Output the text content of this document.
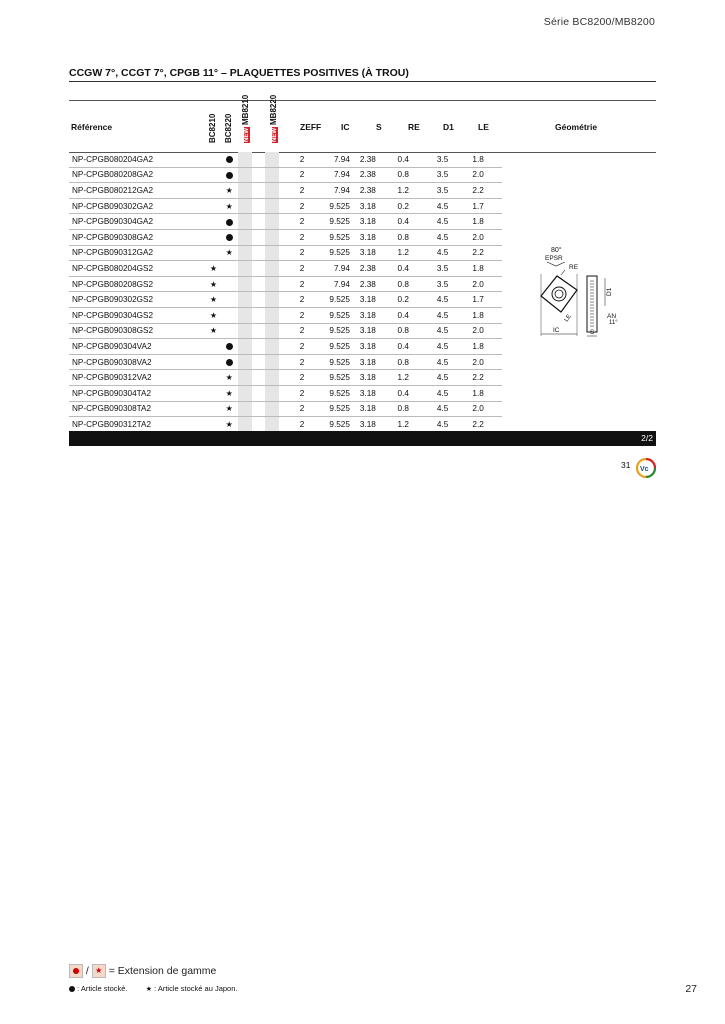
Série BC8200/MB8200
CCGW 7°, CCGT 7°, CPGB 11° – PLAQUETTES POSITIVES (À TROU)
Référence	BC8210 BC8220	NEWMB8210
NEWMB8220
ZEFF IC	S	RE	D1	LE	Géométrie
NP-CPGB080204GA2								2	7.94	2.38	0.4	3.5	1.8
NP-CPGB080208GA2								2	7.94	2.38	0.8	3.5	2.0
NP-CPGB080212GA2			★					2	7.94	2.38	1.2	3.5	2.2
NP-CPGB090302GA2			★					2	9.525	3.18	0.2	4.5	1.7
NP-CPGB090304GA2								2	9.525	3.18	0.4	4.5	1.8
NP-CPGB090308GA2								2	9.525	3.18	0.8	4.5	2.0
NP-CPGB090312GA2			★					2	9.525	3.18	1.2	4.5	2.2
NP-CPGB080204GS2	★							2	7.94	2.38	0.4	3.5	1.8
NP-CPGB080208GS2	★							2	7.94	2.38	0.8	3.5	2.0
NP-CPGB090302GS2	★							2	9.525	3.18	0.2	4.5	1.7
NP-CPGB090304GS2	★							2	9.525	3.18	0.4	4.5	1.8
NP-CPGB090308GS2	★							2	9.525	3.18	0.8	4.5	2.0
NP-CPGB090304VA2								2	9.525	3.18	0.4	4.5	1.8
NP-CPGB090308VA2								2	9.525	3.18	0.8	4.5	2.0
NP-CPGB090312VA2			★					2	9.525	3.18	1.2	4.5	2.2
NP-CPGB090304TA2			★					2	9.525	3.18	0.4	4.5	1.8
NP-CPGB090308TA2			★					2	9.525	3.18	0.8	4.5	2.0
NP-CPGB090312TA2			★					2	9.525	3.18	1.2	4.5	2.2
80°
EPSR
RE
IC
LE
D1
AN
11°
S
2/2
31 Vc
/ ★ = Extension de gamme
: Article stocké.	★ : Article stocké au Japon.	27
